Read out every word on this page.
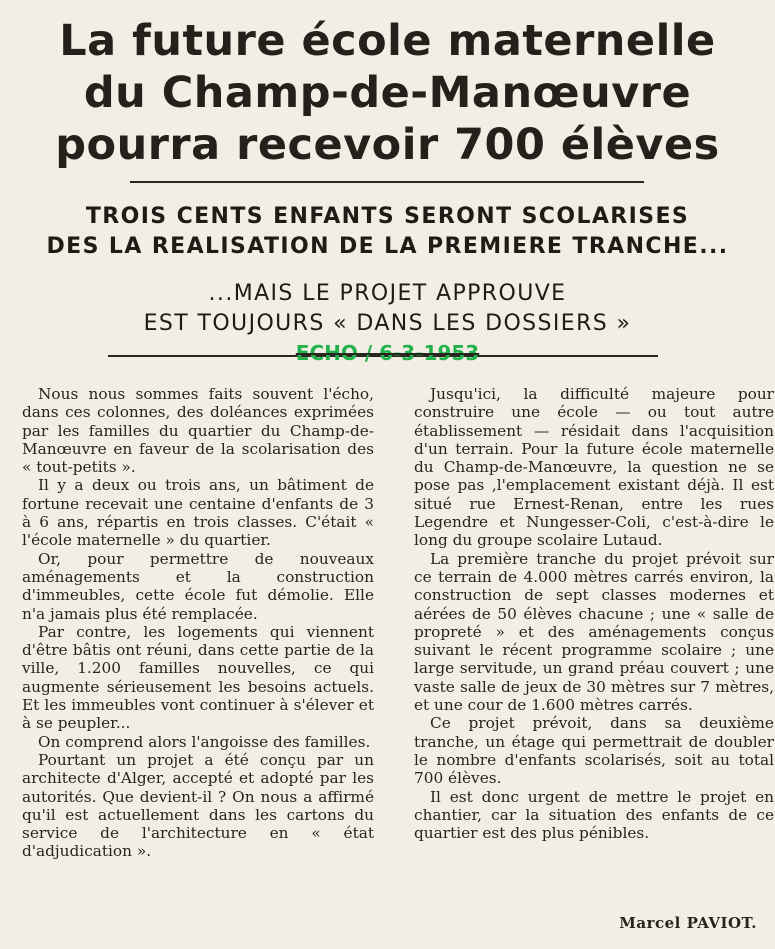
La future école maternelle
du Champ-de-Manœuvre
pourra recevoir 700 élèves
TROIS CENTS ENFANTS SERONT SCOLARISES
DES LA REALISATION DE LA PREMIERE TRANCHE...
...MAIS LE PROJET APPROUVE
EST TOUJOURS « DANS LES DOSSIERS »
ECHO / 6-3-1953

Nous nous sommes faits souvent l'écho, dans ces colonnes, des doléances exprimées par les familles du quartier du Champ-de-Manœuvre en faveur de la scolarisation des « tout-petits ».

Il y a deux ou trois ans, un bâtiment de fortune recevait une centaine d'enfants de 3 à 6 ans, répartis en trois classes. C'était « l'école maternelle » du quartier.

Or, pour permettre de nouveaux aménagements et la construction d'immeubles, cette école fut démolie. Elle n'a jamais plus été remplacée.

Par contre, les logements qui viennent d'être bâtis ont réuni, dans cette partie de la ville, 1.200 familles nouvelles, ce qui augmente sérieusement les besoins actuels. Et les immeubles vont continuer à s'élever et à se peupler...

On comprend alors l'angoisse des familles.

Pourtant un projet a été conçu par un architecte d'Alger, accepté et adopté par les autorités. Que devient-il ? On nous a affirmé qu'il est actuellement dans les cartons du service de l'architecture en « état d'adjudication ».

Jusqu'ici, la difficulté majeure pour construire une école — ou tout autre établissement — résidait dans l'acquisition d'un terrain. Pour la future école maternelle du Champ-de-Manœuvre, la question ne se pose pas ,l'emplacement existant déjà. Il est situé rue Ernest-Renan, entre les rues Legendre et Nungesser-Coli, c'est-à-dire le long du groupe scolaire Lutaud.

La première tranche du projet prévoit sur ce terrain de 4.000 mètres carrés environ, la construction de sept classes modernes et aérées de 50 élèves chacune ; une « salle de propreté » et des aménagements conçus suivant le récent programme scolaire ; une large servitude, un grand préau couvert ; une vaste salle de jeux de 30 mètres sur 7 mètres, et une cour de 1.600 mètres carrés.

Ce projet prévoit, dans sa deuxième tranche, un étage qui permettrait de doubler le nombre d'enfants scolarisés, soit au total 700 élèves.

Il est donc urgent de mettre le projet en chantier, car la situation des enfants de ce quartier est des plus pénibles.

Marcel PAVIOT.
